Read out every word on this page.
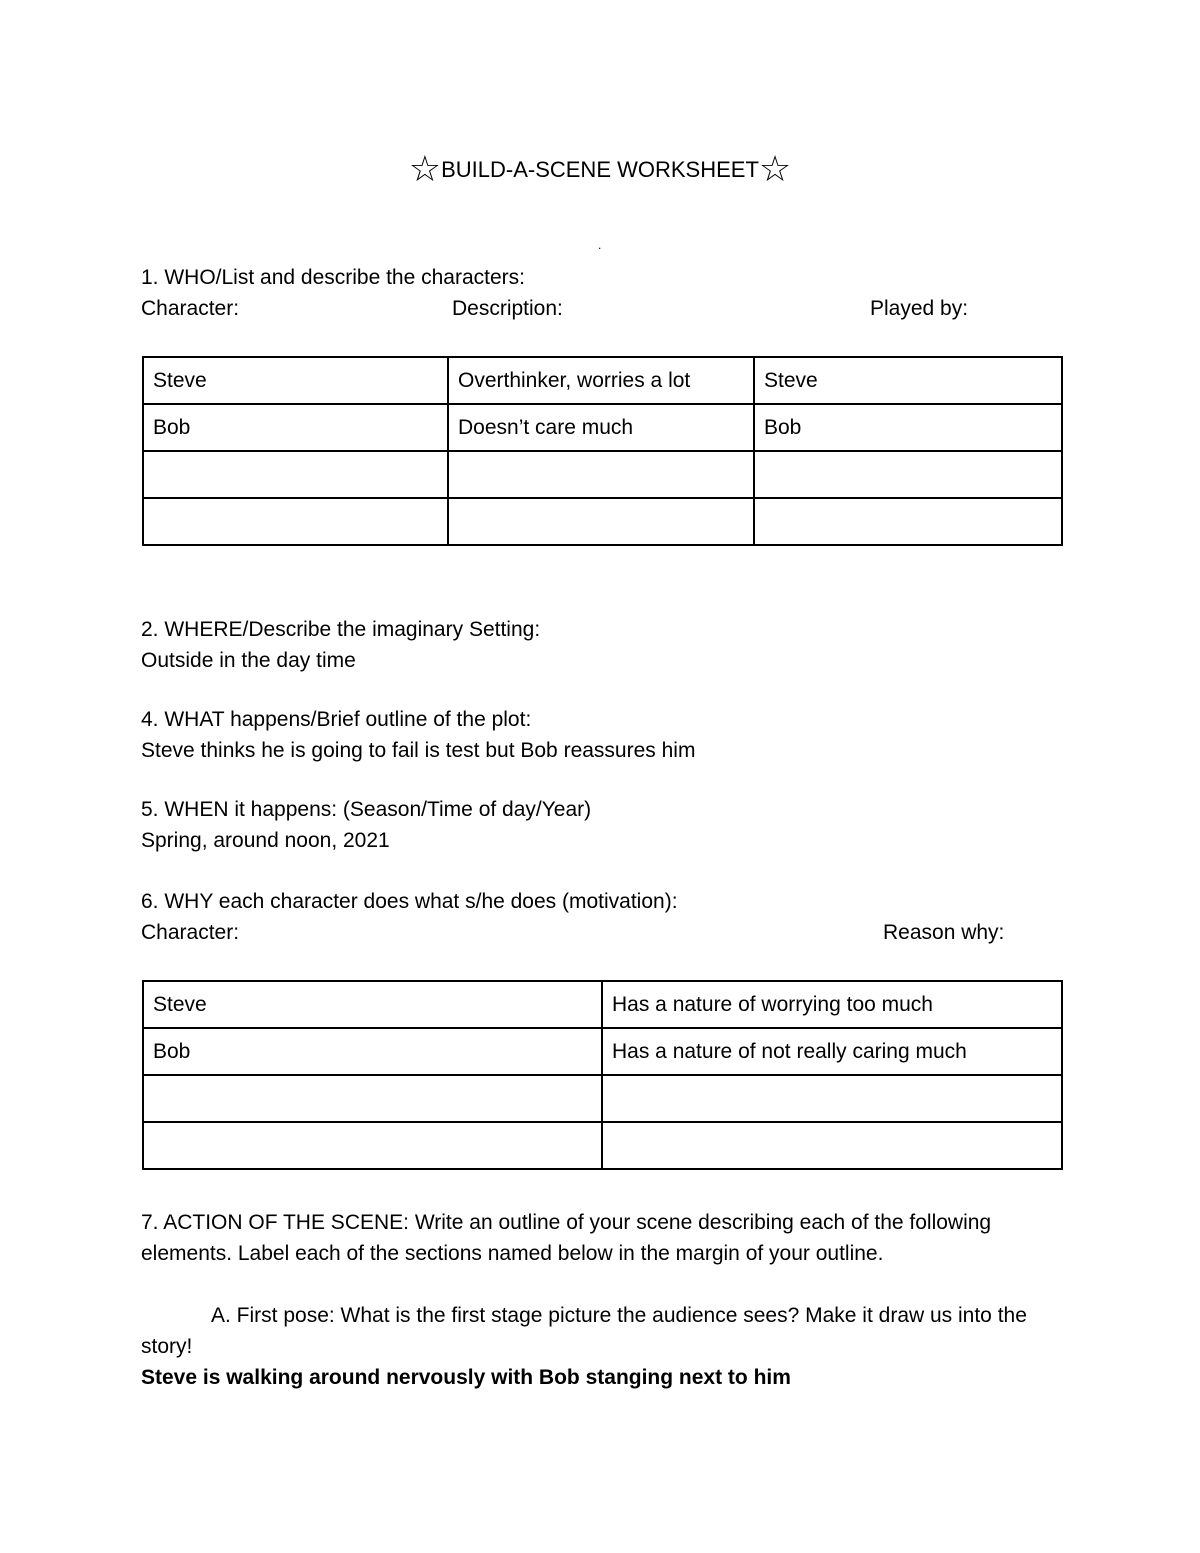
☆BUILD-A-SCENE WORKSHEET☆
.
1. WHO/List and describe the characters:
Character:	Description:	Played by:
Steve	Overthinker, worries a lot	Steve
Bob	Doesn’t care much	Bob

2. WHERE/Describe the imaginary Setting:
Outside in the day time
4. WHAT happens/Brief outline of the plot:
Steve thinks he is going to fail is test but Bob reassures him
5. WHEN it happens: (Season/Time of day/Year)
Spring, around noon, 2021
6. WHY each character does what s/he does (motivation):
Character:	Reason why:
Steve	Has a nature of worrying too much
Bob	Has a nature of not really caring much

7. ACTION OF THE SCENE: Write an outline of your scene describing each of the following elements. Label each of the sections named below in the margin of your outline.
A. First pose: What is the first stage picture the audience sees? Make it draw us into the story!
Steve is walking around nervously with Bob stanging next to him
